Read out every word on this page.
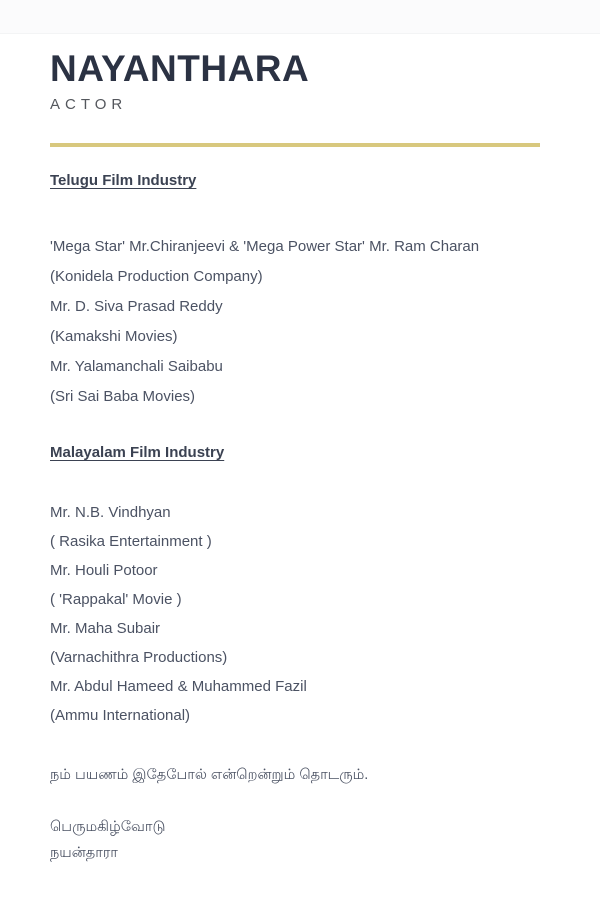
NAYANTHARA
ACTOR
Telugu Film Industry

'Mega Star' Mr.Chiranjeevi & 'Mega Power Star' Mr. Ram Charan

(Konidela Production Company)

Mr. D. Siva Prasad Reddy

(Kamakshi Movies)

Mr. Yalamanchali Saibabu

(Sri Sai Baba Movies)

Malayalam Film Industry

Mr. N.B. Vindhyan

( Rasika Entertainment )

Mr. Houli Potoor

( 'Rappakal' Movie )

Mr. Maha Subair

(Varnachithra Productions)

Mr. Abdul Hameed & Muhammed Fazil

(Ammu International)

நம் பயணம் இதேபோல் என்றென்றும் தொடரும்.

பெருமகிழ்வோடு

நயன்தாரா
